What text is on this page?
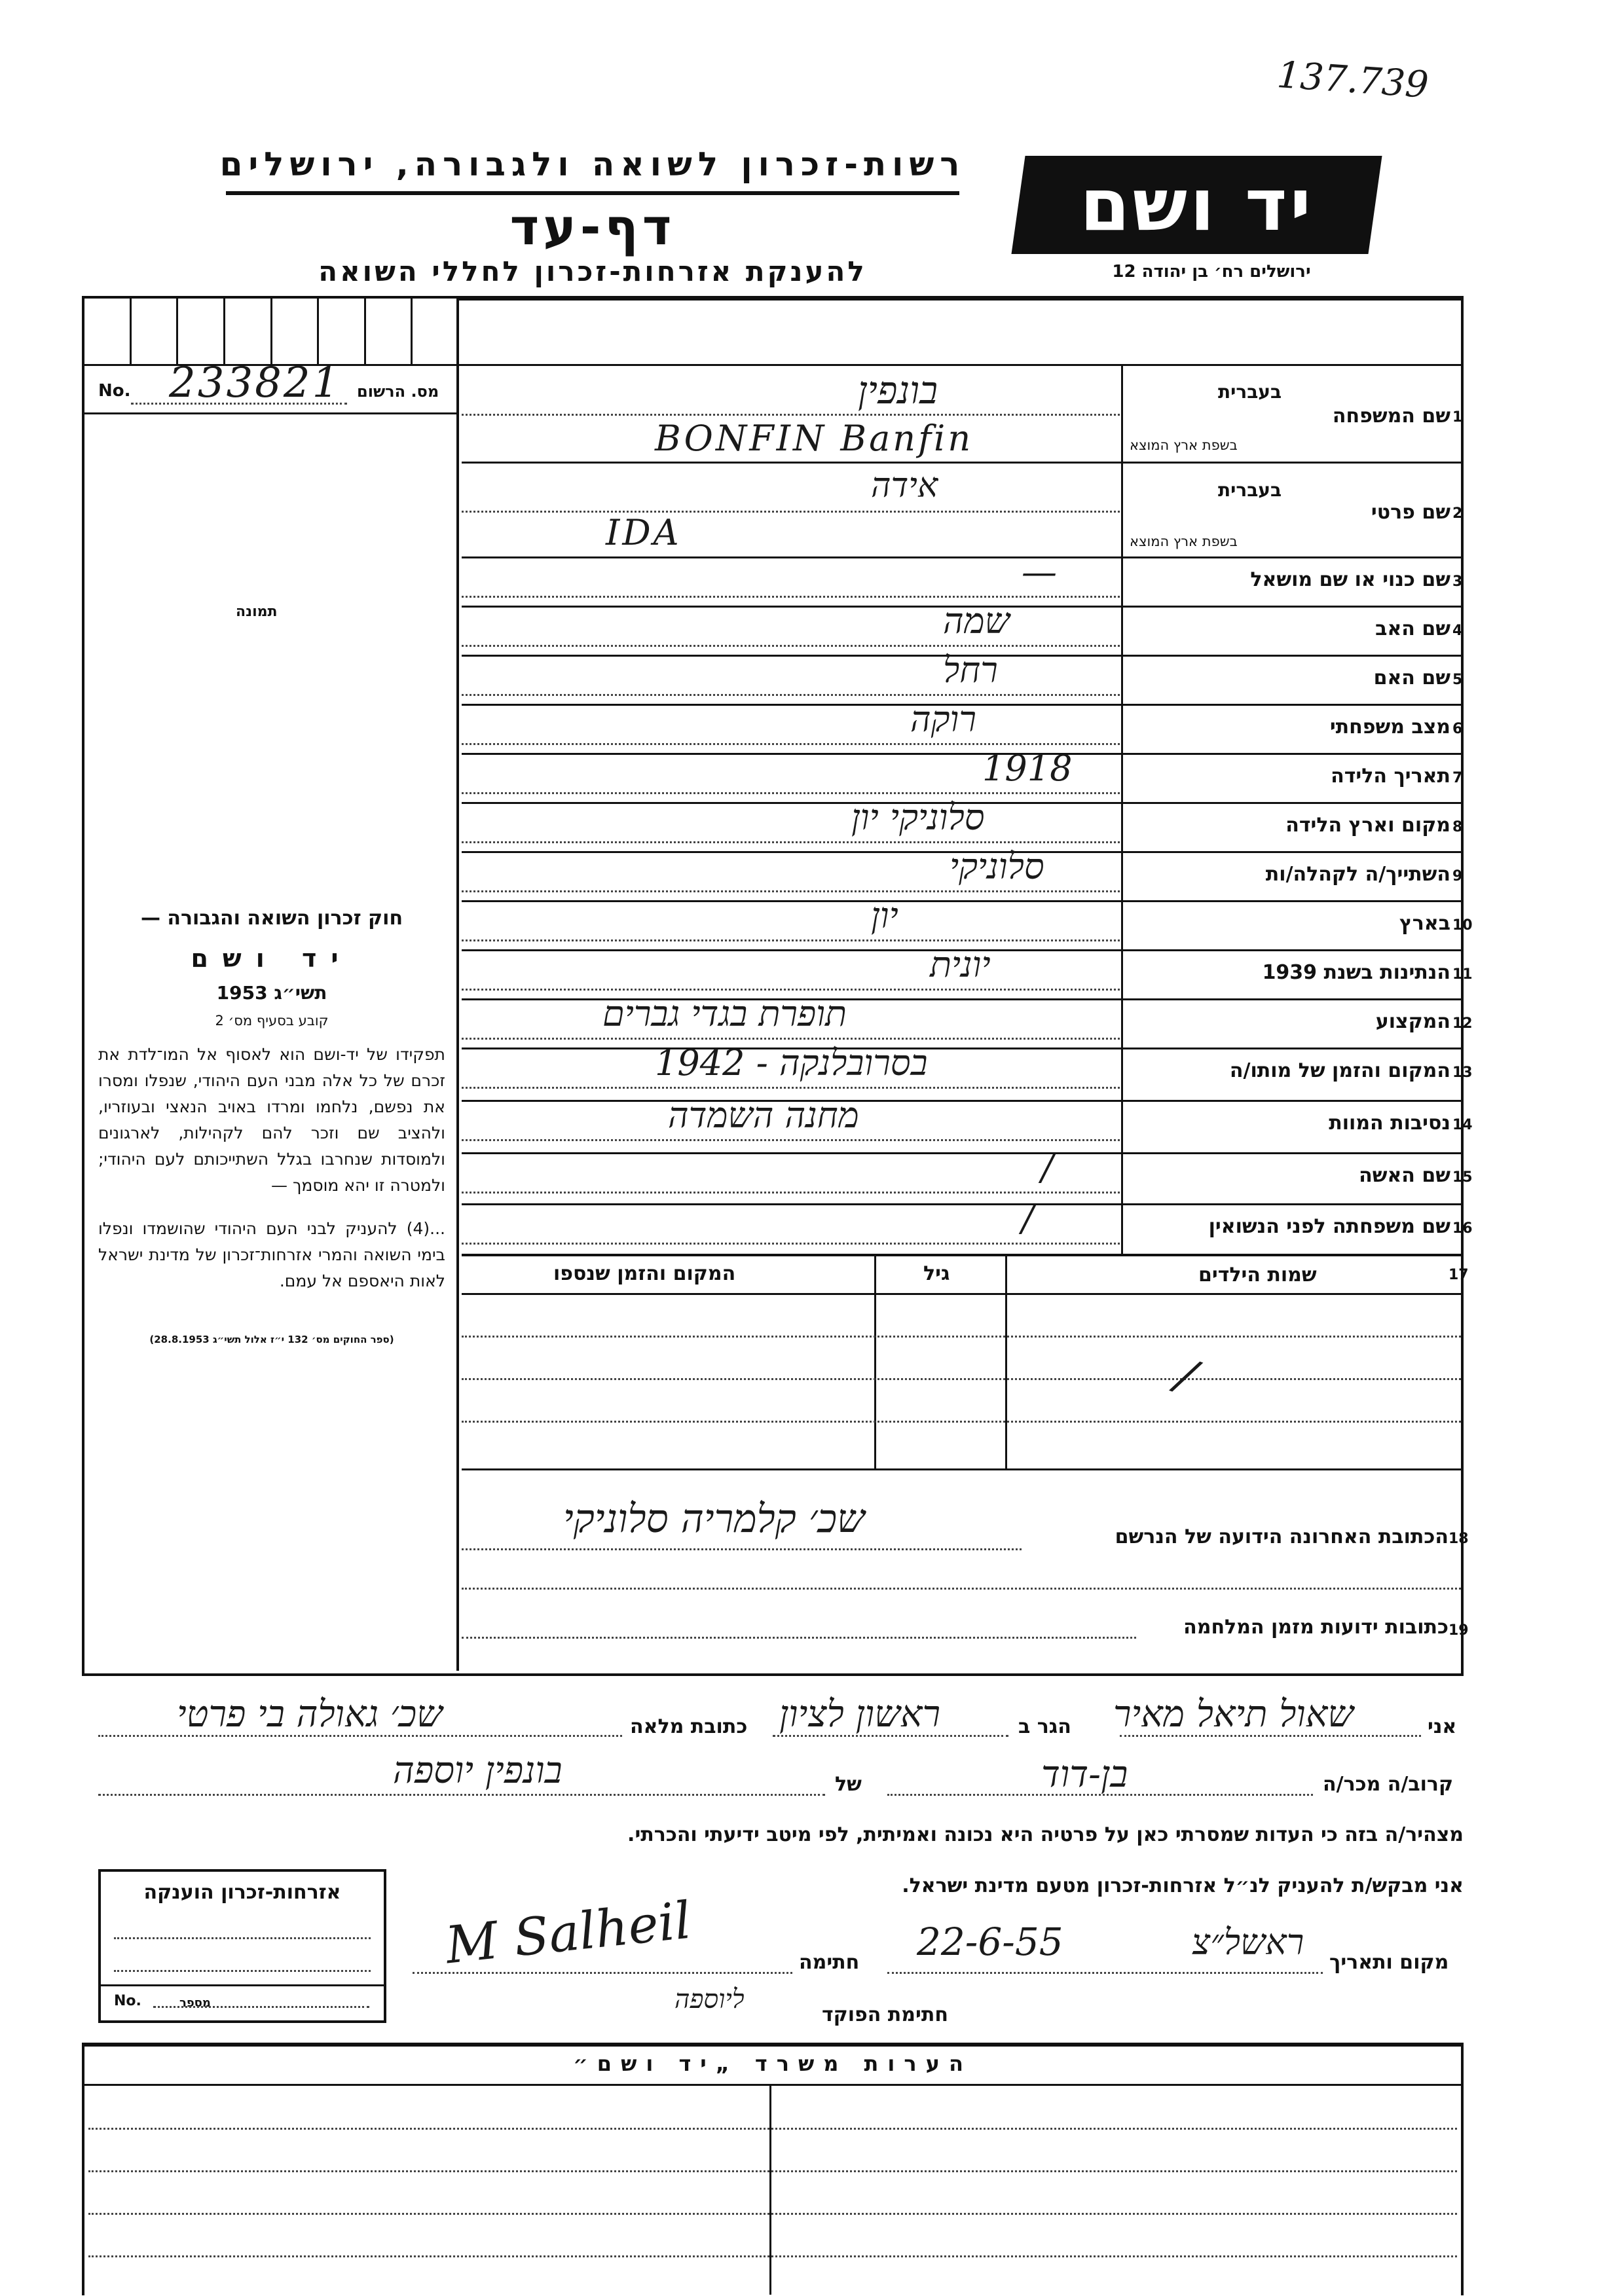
137.739
רשות-זכרון לשואה ולגבורה, ירושלים
דף-עד
להענקת אזרחות-זכרון לחללי השואה
יד ושם
ירושלים רח׳ בן יהודה 12
No. 233821 מס. הרשום
תמונה

חוק זכרון השואה והגבורה —

יד ושם

תשי״ג 1953

קובע בסעיף מס׳ 2

תפקידו של יד-ושם הוא לאסוף אל המו־לדת את זכרם של כל אלה מבני העם היהודי, שנפלו ומסרו את נפשם, נלחמו ומרדו באויב הנאצי ובעוזריו, ולהציב שם וזכר להם לקהילות, לארגונים ולמוסדות שנחרבו בגלל השתייכותם לעם היהודי; ולמטרה זו יהא מוסמך —

...(4) להעניק לבני העם היהודי שהושמדו ונפלו בימי השואה והמרי אזרחות־זכרון של מדינת ישראל לאות היאספם אל עמם.

(ספר החוקים מס׳ 132 י״ז אלול תשי״ג 28.8.1953)

בעברית
בשפת ארץ המוצא
בעברית
בשפת ארץ המוצא
שם המשפחה 1
שם פרטי 2
בונפין
BONFIN Banfin
אידה
IDA
שם כנוי או שם מושאל 3
—
שם האב 4
שמה
שם האם 5
רחל
מצב משפחתי 6
רוקה
תאריך הלידה 7
1918
מקום וארץ הלידה 8
סלוניקי יון
השתייך/ה לקהלה/ות 9
סלוניקי
בארץ 10
יון
הנתינות בשנת 1939 11
יונית
המקצוע 12
תופרת בגדי גברים
המקום והזמן של מותו/ה 13
בסרובלנקה - 1942
נסיבות המוות 14
מחנה השמדה
שם האשה 15
/
שם משפחתה לפני הנשואין 16
/
שמות הילדים	17
גיל
המקום והזמן שנספו
/
18
הכתובת האחרונה הידועה של הנרשם
שכ׳ קלמריה סלוניקי
19
כתובות ידועות מזמן המלחמה
אני
שאול תיאל מאיר
הגר ב
ראשון לציון
כתובת מלאה
שכ׳ גאולה בי פרטי
קרוב/ה מכר/ה
בן-דוד
של
בונפין יוספה
מצהיר/ה בזה כי העדות שמסרתי כאן על פרטיה היא נכונה ואמיתית, לפי מיטב ידיעתי והכרתי.
אני מבקש/ת להעניק לנ״ל אזרחות-זכרון מטעם מדינת ישראל.
מקום ותאריך
ראשל״צ
22-6-55
חתימה
M Salheil
חתימת הפוקד
ליוספה
אזרחות-זכרון הוענקה
No.	מספר
הערות משרד „יד ושם״
